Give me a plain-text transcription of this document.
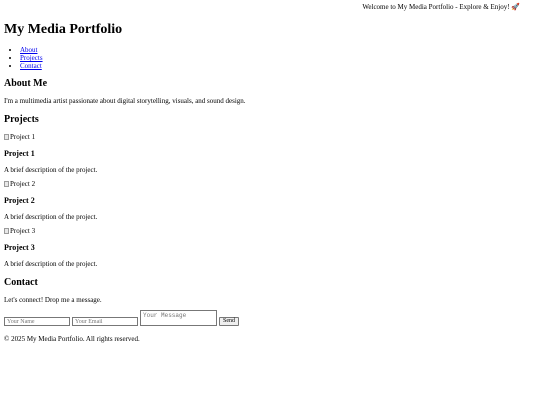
Welcome to My Media Portfolio - Explore & Enjoy! 🚀
My Media Portfolio
• About
• Projects
• Contact
About Me

I'm a multimedia artist passionate about digital storytelling, visuals, and sound design.

Projects
Project 1
Project 1

A brief description of the project.

Project 2
Project 2

A brief description of the project.

Project 3
Project 3

A brief description of the project.

Contact

Let's connect! Drop me a message.

Your Name
Your Email
Your Message
Send

© 2025 My Media Portfolio. All rights reserved.
